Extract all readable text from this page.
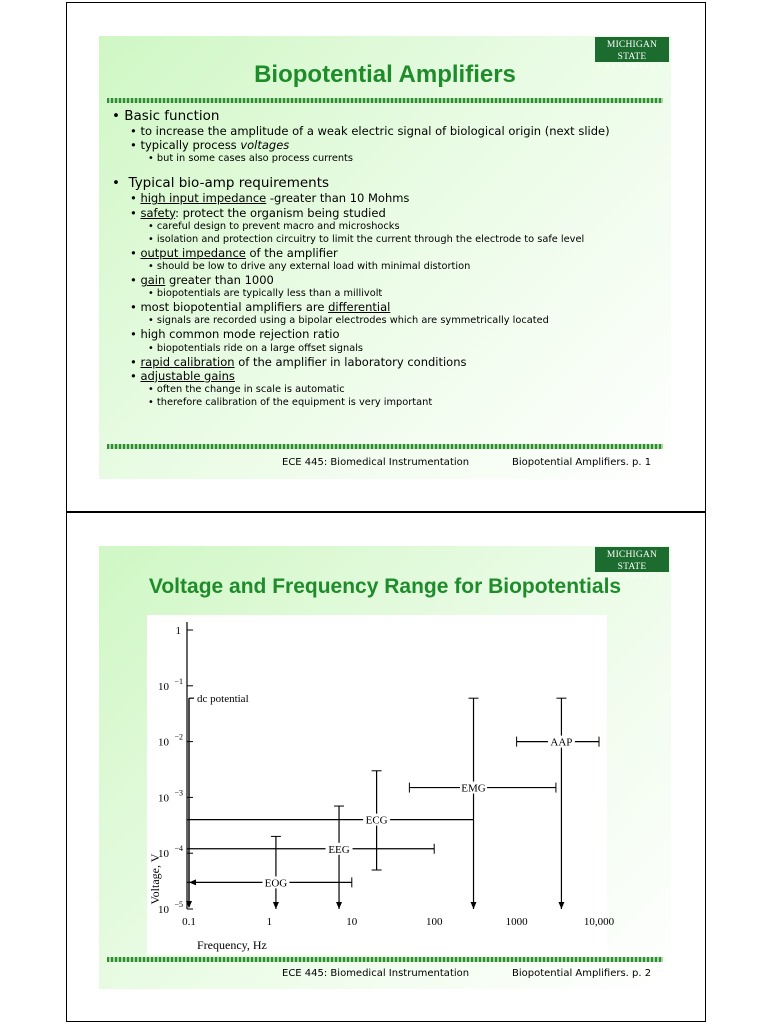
MICHIGAN STATE
UNIVERSITY
Biopotential Amplifiers
• Basic function
• to increase the amplitude of a weak electric signal of biological origin (next slide)
• typically process voltages
• but in some cases also process currents
•  Typical bio-amp requirements
• high input impedance -greater than 10 Mohms
• safety: protect the organism being studied
• careful design to prevent macro and microshocks
• isolation and protection circuitry to limit the current through the electrode to safe level
• output impedance of the amplifier
• should be low to drive any external load with minimal distortion
• gain greater than 1000
• biopotentials are typically less than a millivolt
• most biopotential amplifiers are differential
• signals are recorded using a bipolar electrodes which are symmetrically located
• high common mode rejection ratio
• biopotentials ride on a large offset signals
• rapid calibration of the amplifier in laboratory conditions
• adjustable gains
• often the change in scale is automatic
• therefore calibration of the equipment is very important
ECE 445: Biomedical Instrumentation	Biopotential Amplifiers. p. 1
MICHIGAN STATE
UNIVERSITY
Voltage and Frequency Range for Biopotentials
1
10 −1
10 −2
10 −3
10 −4
10 −5
0.1	1	10	100	1000	10,000
Frequency, Hz
Voltage, V
dc potential
EOG
EEG
ECG
EMG
AAP
ECE 445: Biomedical Instrumentation	Biopotential Amplifiers. p. 2
